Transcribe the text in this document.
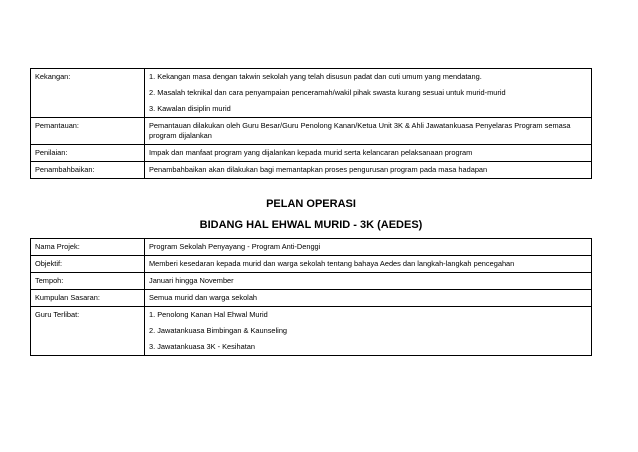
Kekangan:	1. Kekangan masa dengan takwin sekolah yang telah disusun padat dan cuti umum yang mendatang.
2. Masalah teknikal dan cara penyampaian penceramah/wakil pihak swasta kurang sesuai untuk murid-murid
3. Kawalan disiplin murid

Pemantauan:	Pemantauan dilakukan oleh Guru Besar/Guru Penolong Kanan/Ketua Unit 3K & Ahli Jawatankuasa Penyelaras Program semasa program dijalankan

Penilaian:	Impak dan manfaat program yang dijalankan kepada murid serta kelancaran pelaksanaan program

Penambahbaikan:	Penambahbaikan akan dilakukan bagi memantapkan proses pengurusan program pada masa hadapan
PELAN OPERASI
BIDANG HAL EHWAL MURID - 3K (AEDES)
Nama Projek:	Program Sekolah Penyayang - Program Anti-Denggi

Objektif:	Memberi kesedaran kepada murid dan warga sekolah tentang bahaya Aedes dan langkah-langkah pencegahan

Tempoh:	Januari hingga November

Kumpulan Sasaran:	Semua murid dan warga sekolah

Guru Terlibat:	1. Penolong Kanan Hal Ehwal Murid
2. Jawatankuasa Bimbingan & Kaunseling
3. Jawatankuasa 3K - Kesihatan
